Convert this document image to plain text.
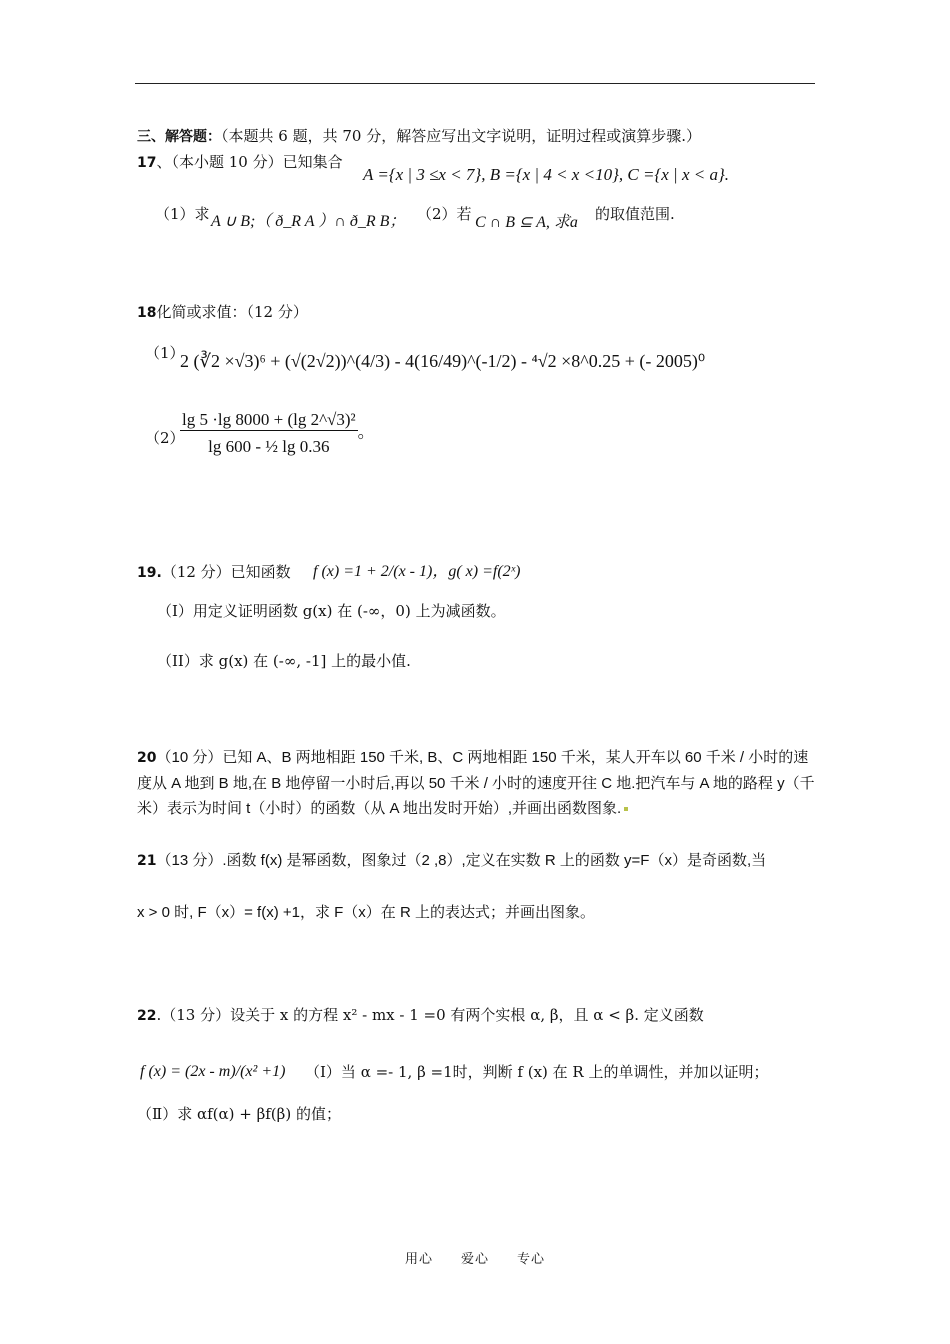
三、解答题：（本题共 6 题，共 70 分，解答应写出文字说明，证明过程或演算步骤.）
17、（本小题 10 分）已知集合
A ={x | 3 ≤x < 7}, B ={x | 4 < x <10}, C ={x | x < a}.
（1）求 A ∪ B;（ ð_R A ）∩ ð_R B； （2）若 C ∩ B ⊆ A, 求a 的取值范围.
18化简或求值：（12 分）
（1）
2 (∛2 ×√3)⁶ + (√(2√2))^(4/3) - 4(16/49)^(-1/2) - ⁴√2 ×8^0.25 + (- 2005)⁰
（2）
$\frac{\text{lg 5 ·lg 8000 + (lg 2\textasciicircum{}√3)²}}{\text{lg 600 - ½ lg 0.36}}$ 。
19.（12 分）已知函数 f (x) =1 + 2/(x - 1)，g( x) =f(2ˣ)
（I）用定义证明函数 g(x) 在 (-∞，0) 上为减函数。
（II）求 g(x) 在 (-∞, -1] 上的最小值.
20（10 分）已知 A、B 两地相距 150 千米, B、C 两地相距 150 千米，某人开车以 60 千米 / 小时的速度从 A 地到 B 地,在 B 地停留一小时后,再以 50 千米 / 小时的速度开往 C 地.把汽车与 A 地的路程 y（千米）表示为时间 t（小时）的函数（从 A 地出发时开始）,并画出函数图象.
21（13 分）.函数 f(x) 是幂函数，图象过（2 ,8）,定义在实数 R 上的函数 y=F（x）是奇函数,当
x > 0 时, F（x）= f(x) +1，求 F（x）在 R 上的表达式；并画出图象。
22.（13 分）设关于 x 的方程 x² - mx - 1 =0 有两个实根 α, β，且 α < β. 定义函数
f (x) = (2x - m)/(x² +1) （Ⅰ）当 α =- 1, β =1时，判断 f (x) 在 R 上的单调性，并加以证明；
（Ⅱ）求 αf(α) + βf(β) 的值；
用心　　爱心　　专心
